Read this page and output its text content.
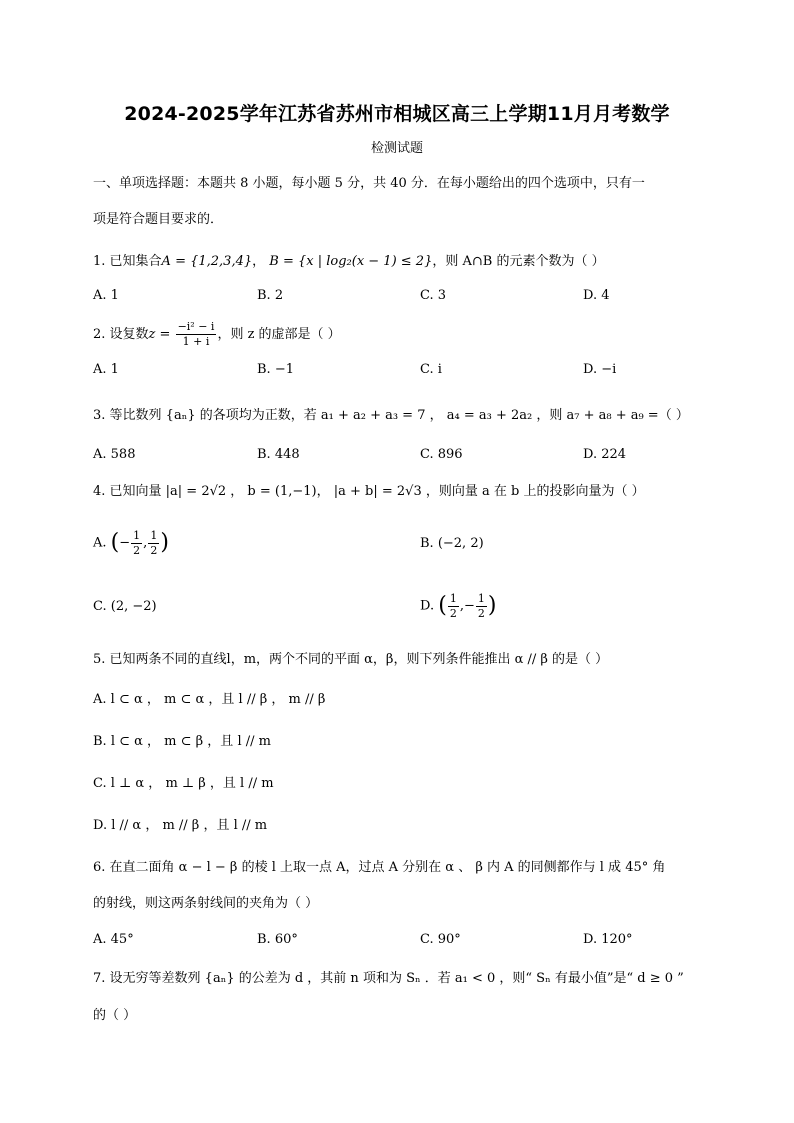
2024-2025学年江苏省苏州市相城区高三上学期11月月考数学
检测试题
一、单项选择题：本题共 8 小题，每小题 5 分，共 40 分．在每小题给出的四个选项中，只有一
项是符合题目要求的．
1. 已知集合A = {1,2,3,4}， B = {x | log₂(x − 1) ≤ 2}，则 A∩B 的元素个数为（ ）
A. 1	B. 2	C. 3	D. 4
2. 设复数$z = \frac{\text{−i² − i}}{1 + i}$ ，则 z 的虚部是（ ）
A. 1	B. −1	C. i	D. −i
3. 等比数列 {aₙ} 的各项均为正数，若 a₁ + a₂ + a₃ = 7 ， a₄ = a₃ + 2a₂ ，则 a₇ + a₈ + a₉ =（ ）
A. 588	B. 448	C. 896	D. 224
4. 已知向量 |a| = 2√2 ， b = (1,−1)， |a + b| = 2√3 ，则向量 a 在 b 上的投影向量为（ ）
A. (− $\frac{1}{2}$ , $\frac{1}{2}$ )	B. (−2, 2)
C. (2, −2)	D. ( $\frac{1}{2}$ ,− $\frac{1}{2}$ )
5. 已知两条不同的直线l，m，两个不同的平面 α，β，则下列条件能推出 α // β 的是（ ）
A. l ⊂ α ， m ⊂ α ，且 l // β ， m // β
B. l ⊂ α ， m ⊂ β ，且 l // m
C. l ⊥ α ， m ⊥ β ，且 l // m
D. l // α ， m // β ，且 l // m
6. 在直二面角 α − l − β 的棱 l 上取一点 A，过点 A 分别在 α 、 β 内 A 的同侧都作与 l 成 45° 角
的射线，则这两条射线间的夹角为（ ）
A. 45°	B. 60°	C. 90°	D. 120°
7. 设无穷等差数列 {aₙ} 的公差为 d ，其前 n 项和为 Sₙ ．若 a₁ < 0 ，则“ Sₙ 有最小值”是“ d ≥ 0 ”
的（ ）
